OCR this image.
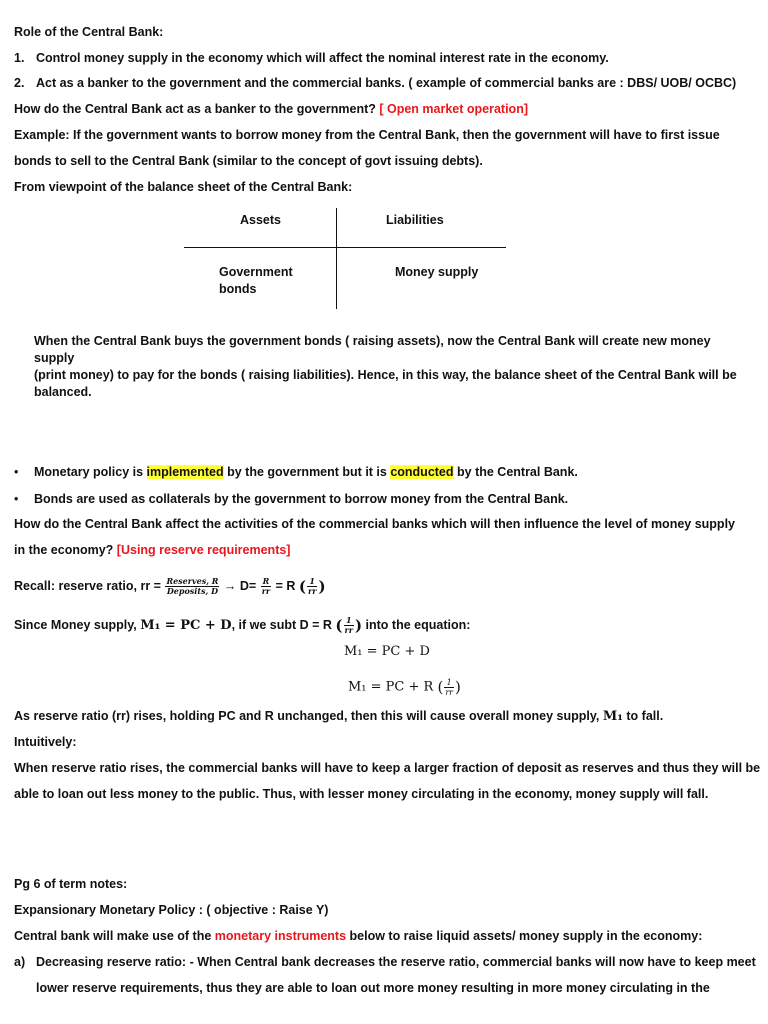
Role of the Central Bank:
1. Control money supply in the economy which will affect the nominal interest rate in the economy.
2. Act as a banker to the government and the commercial banks. ( example of commercial banks are : DBS/ UOB/ OCBC)
How do the Central Bank act as a banker to the government? [ Open market operation]
Example: If the government wants to borrow money from the Central Bank, then the government will have to first issue
bonds to sell to the Central Bank (similar to the concept of govt issuing debts).
From viewpoint of the balance sheet of the Central Bank:
Assets	Liabilities
Government
bonds
Money supply
When the Central Bank buys the government bonds ( raising assets), now the Central Bank will create new money supply
(print money) to pay for the bonds ( raising liabilities). Hence, in this way, the balance sheet of the Central Bank will be
balanced.
• Monetary policy is implemented by the government but it is conducted by the Central Bank.
• Bonds are used as collaterals by the government to borrow money from the Central Bank.
How do the Central Bank affect the activities of the commercial banks which will then influence the level of money supply
in the economy? [Using reserve requirements]
Recall: reserve ratio, rr = $\frac{\text{Reserves, R}}{\text{Deposits, D}} \to D= \frac{R}{rr} = R$ ( $\frac{1}{rr}$ )
Since Money supply, M₁ = PC + D, if we subt D = R ( $\frac{1}{rr}$ ) into the equation:
M₁ = PC + D
M₁ = PC + R ( $\frac{1}{rr}$ )
As reserve ratio (rr) rises, holding PC and R unchanged, then this will cause overall money supply, M₁ to fall.
Intuitively:
When reserve ratio rises, the commercial banks will have to keep a larger fraction of deposit as reserves and thus they will be
able to loan out less money to the public. Thus, with lesser money circulating in the economy, money supply will fall.
Pg 6 of term notes:
Expansionary Monetary Policy : ( objective : Raise Y)
Central bank will make use of the monetary instruments below to raise liquid assets/ money supply in the economy:
a) Decreasing reserve ratio: - When Central bank decreases the reserve ratio, commercial banks will now have to keep meet
lower reserve requirements, thus they are able to loan out more money resulting in more money circulating in the
